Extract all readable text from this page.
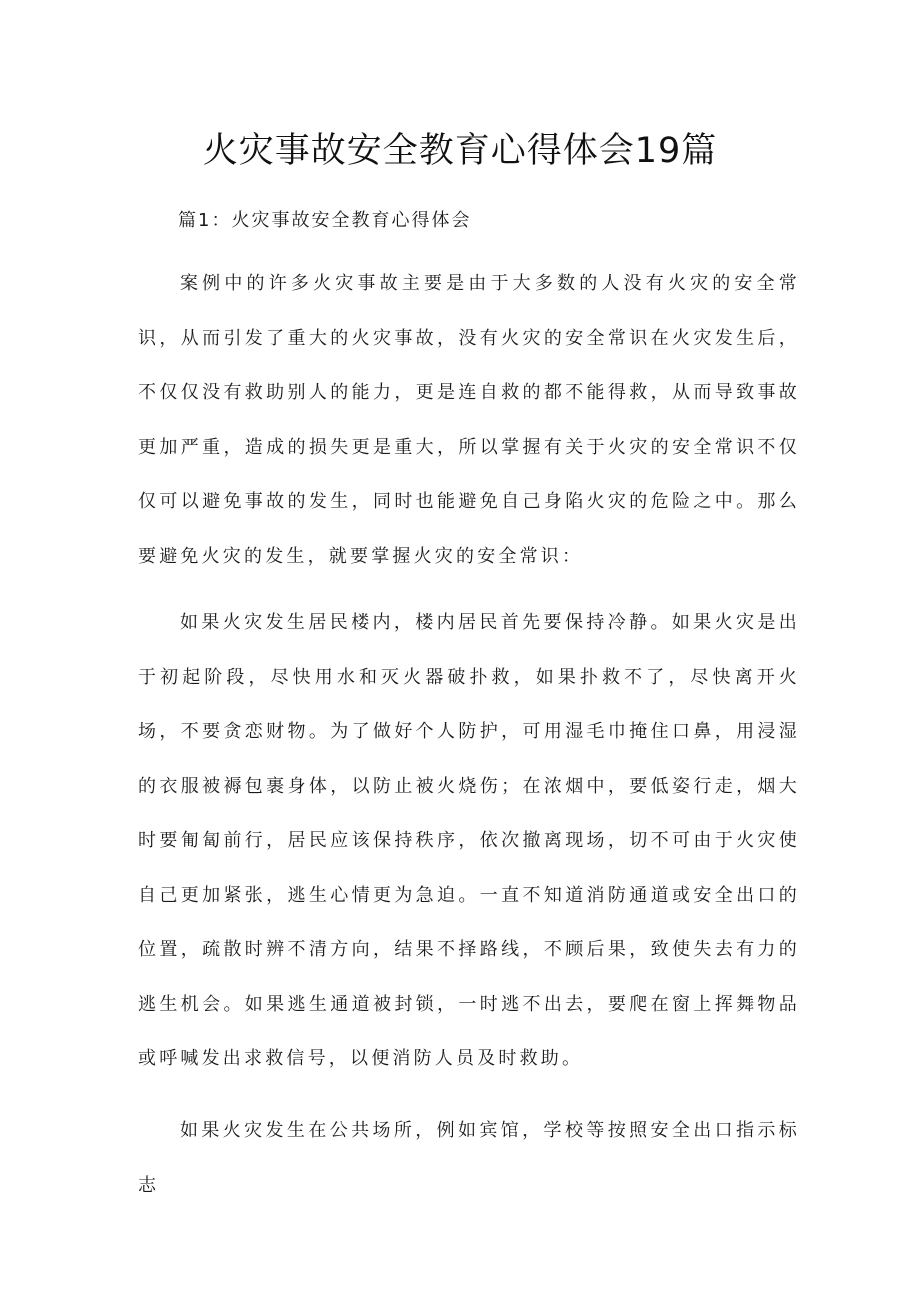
火灾事故安全教育心得体会19篇
篇1：火灾事故安全教育心得体会

案例中的许多火灾事故主要是由于大多数的人没有火灾的安全常识，从而引发了重大的火灾事故，没有火灾的安全常识在火灾发生后，不仅仅没有救助别人的能力，更是连自救的都不能得救，从而导致事故更加严重，造成的损失更是重大，所以掌握有关于火灾的安全常识不仅仅可以避免事故的发生，同时也能避免自己身陷火灾的危险之中。那么要避免火灾的发生，就要掌握火灾的安全常识：

如果火灾发生居民楼内，楼内居民首先要保持冷静。如果火灾是出于初起阶段，尽快用水和灭火器破扑救，如果扑救不了，尽快离开火场，不要贪恋财物。为了做好个人防护，可用湿毛巾掩住口鼻，用浸湿的衣服被褥包裹身体，以防止被火烧伤；在浓烟中，要低姿行走，烟大时要匍匐前行，居民应该保持秩序，依次撤离现场，切不可由于火灾使自己更加紧张，逃生心情更为急迫。一直不知道消防通道或安全出口的位置，疏散时辨不清方向，结果不择路线，不顾后果，致使失去有力的逃生机会。如果逃生通道被封锁，一时逃不出去，要爬在窗上挥舞物品或呼喊发出求救信号，以便消防人员及时救助。

如果火灾发生在公共场所，例如宾馆，学校等按照安全出口指示标志
